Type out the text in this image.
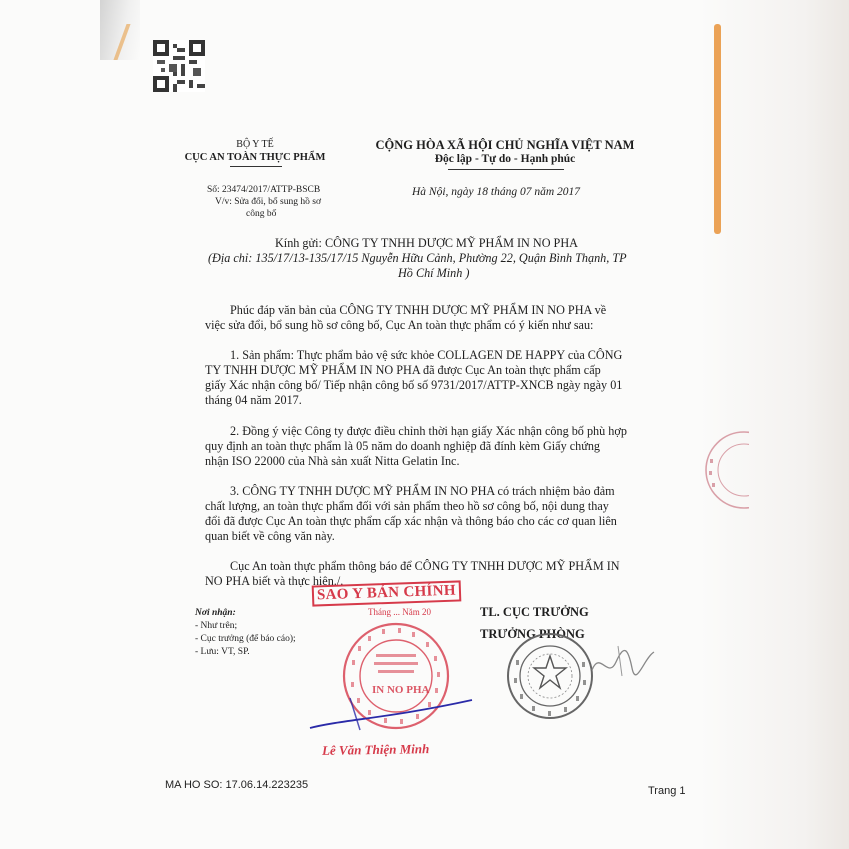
BỘ Y TẾ
CỤC AN TOÀN THỰC PHẨM
Số: 23474/2017/ATTP-BSCB
V/v: Sửa đổi, bổ sung hồ sơ
công bố
CỘNG HÒA XÃ HỘI CHỦ NGHĨA VIỆT NAM
Độc lập - Tự do - Hạnh phúc
Hà Nội, ngày 18 tháng 07 năm 2017
Kính gửi: CÔNG TY TNHH DƯỢC MỸ PHẨM IN NO PHA
(Địa chỉ: 135/17/13-135/17/15 Nguyễn Hữu Cảnh, Phường 22, Quận Bình Thạnh, TP
Hồ Chí Minh )
Phúc đáp văn bản của CÔNG TY TNHH DƯỢC MỸ PHẨM IN NO PHA về
việc sửa đổi, bổ sung hồ sơ công bố, Cục An toàn thực phẩm có ý kiến như sau:
1. Sản phẩm: Thực phẩm bảo vệ sức khỏe COLLAGEN DE HAPPY của CÔNG
TY TNHH DƯỢC MỸ PHẨM IN NO PHA đã được Cục An toàn thực phẩm cấp
giấy Xác nhận công bố/ Tiếp nhận công bố số 9731/2017/ATTP-XNCB ngày ngày 01
tháng 04 năm 2017.
2. Đồng ý việc Công ty được điều chỉnh thời hạn giấy Xác nhận công bố phù hợp
quy định an toàn thực phẩm là 05 năm do doanh nghiệp đã đính kèm Giấy chứng
nhận ISO 22000 của Nhà sản xuất Nitta Gelatin Inc.
3. CÔNG TY TNHH DƯỢC MỸ PHẨM IN NO PHA có trách nhiệm bảo đảm
chất lượng, an toàn thực phẩm đối với sản phẩm theo hồ sơ công bố, nội dung thay
đổi đã được Cục An toàn thực phẩm cấp xác nhận và thông báo cho các cơ quan liên
quan biết về công văn này.
Cục An toàn thực phẩm thông báo để CÔNG TY TNHH DƯỢC MỸ PHẨM IN
NO PHA biết và thực hiện./.
Nơi nhận:
- Như trên;
- Cục trưởng (để báo cáo);
- Lưu: VT, SP.
TL. CỤC TRƯỞNG
TRƯỞNG PHÒNG
SAO Y BẢN CHÍNH
Tháng ... Năm 20
IN NO PHA
Lê Văn Thiện Minh
MA HO SO: 17.06.14.223235	Trang 1
